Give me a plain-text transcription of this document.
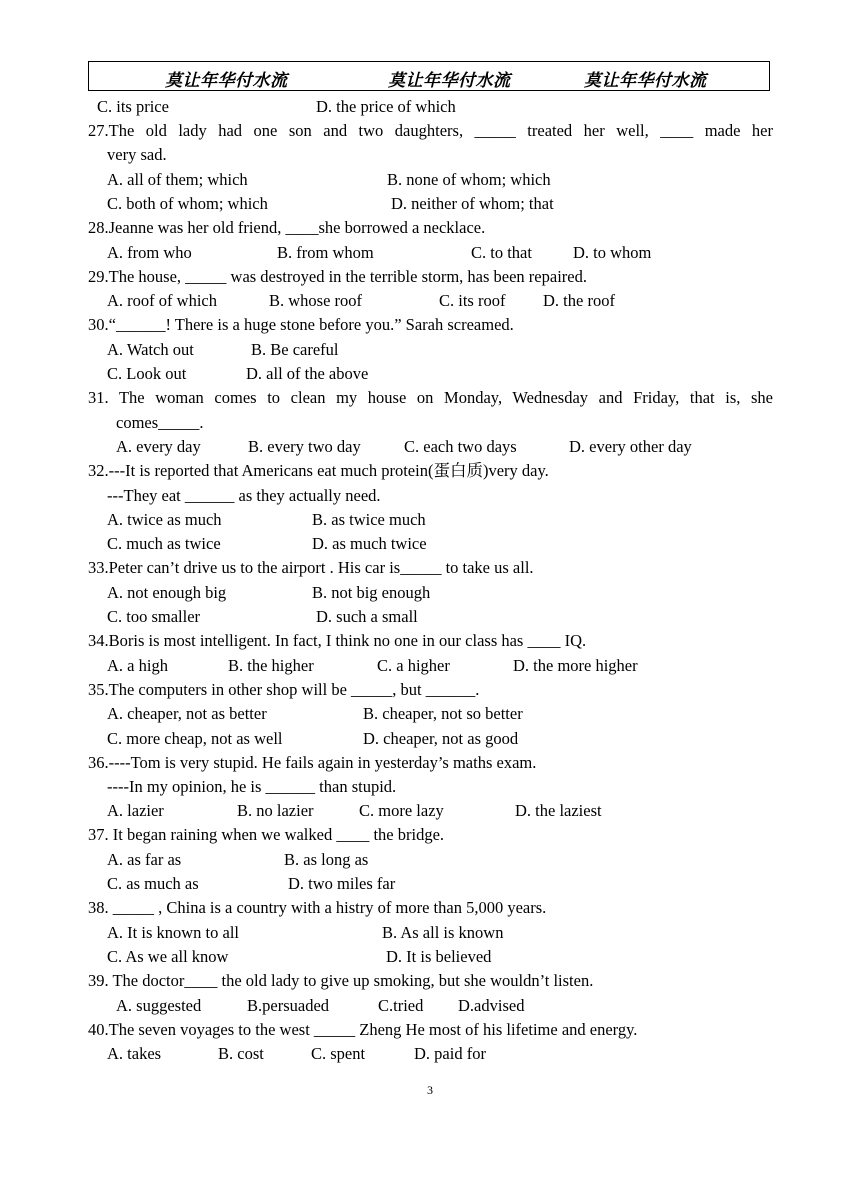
莫让年华付水流	莫让年华付水流	莫让年华付水流
C. its price	D. the price of which
27.The old lady had one son and two daughters, _____ treated her well, ____ made her
very sad.
A. all of them; which	B. none of whom; which
C. both of whom; which	D. neither of whom; that
28.Jeanne was her old friend, ____she borrowed a necklace.
A. from who	B. from whom	C. to that D. to whom
29.The house, _____ was destroyed in the terrible storm, has been repaired.
A. roof of which	B. whose roof	C. its roof D. the roof
30.“______! There is a huge stone before you.” Sarah screamed.
A. Watch out	B. Be careful
C. Look out	D. all of the above
31. The woman comes to clean my house on Monday, Wednesday and Friday, that is, she
comes_____.
A. every day	B. every two day	C. each two days	D. every other day
32.---It is reported that Americans eat much protein(蛋白质)very day.
---They eat ______ as they actually need.
A. twice as much	B. as twice much
C. much as twice	D. as much twice
33.Peter can’t drive us to the airport . His car is_____ to take us all.
A. not enough big	B. not big enough
C. too smaller	D. such a small
34.Boris is most intelligent. In fact, I think no one in our class has ____ IQ.
A. a high	B. the higher	C. a higher	D. the more higher
35.The computers in other shop will be _____, but ______.
A. cheaper, not as better	B. cheaper, not so better
C. more cheap, not as well	D. cheaper, not as good
36.----Tom is very stupid. He fails again in yesterday’s maths exam.
----In my opinion, he is ______ than stupid.
A. lazier	B. no lazier	C. more lazy	D. the laziest
37. It began raining when we walked ____ the bridge.
A. as far as	B. as long as
C. as much as	D. two miles far
38. _____ , China is a country with a histry of more than 5,000 years.
A. It is known to all	B. As all is known
C. As we all know	D. It is believed
39. The doctor____ the old lady to give up smoking, but she wouldn’t listen.
A. suggested	B.persuaded	C.tried D.advised
40.The seven voyages to the west _____ Zheng He most of his lifetime and energy.
A. takes	B. cost	C. spent	D. paid for
3
